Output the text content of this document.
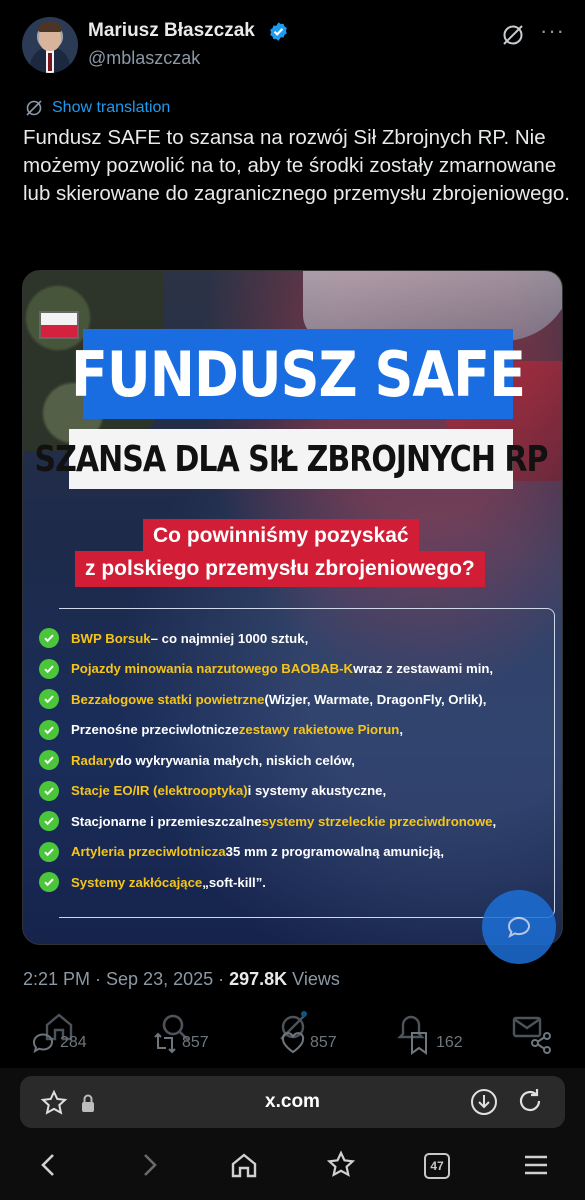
Mariusz Błaszczak
@mblaszczak
···
Show translation
Fundusz SAFE to szansa na rozwój Sił Zbrojnych RP. Nie możemy pozwolić na to, aby te środki zostały zmarnowane lub skierowane do zagranicznego przemysłu zbrojeniowego.
FUNDUSZ SAFE
SZANSA DLA SIŁ ZBROJNYCH RP
Co powinniśmy pozyskać
z polskiego przemysłu zbrojeniowego?
BWP Borsuk – co najmniej 1000 sztuk,
Pojazdy minowania narzutowego BAOBAB-K wraz z zestawami min,
Bezzałogowe statki powietrzne (Wizjer, Warmate, DragonFly, Orlik),
Przenośne przeciwlotnicze zestawy rakietowe Piorun ,
Radary do wykrywania małych, niskich celów,
Stacje EO/IR (elektrooptyka) i systemy akustyczne,
Stacjonarne i przemieszczalne systemy strzeleckie przeciwdronowe ,
Artyleria przeciwlotnicza 35 mm z programowalną amunicją,
Systemy zakłócające „soft-kill”.
2:21 PM · Sep 23, 2025 · 297.8K Views
284	857	857	162
x.com
47
